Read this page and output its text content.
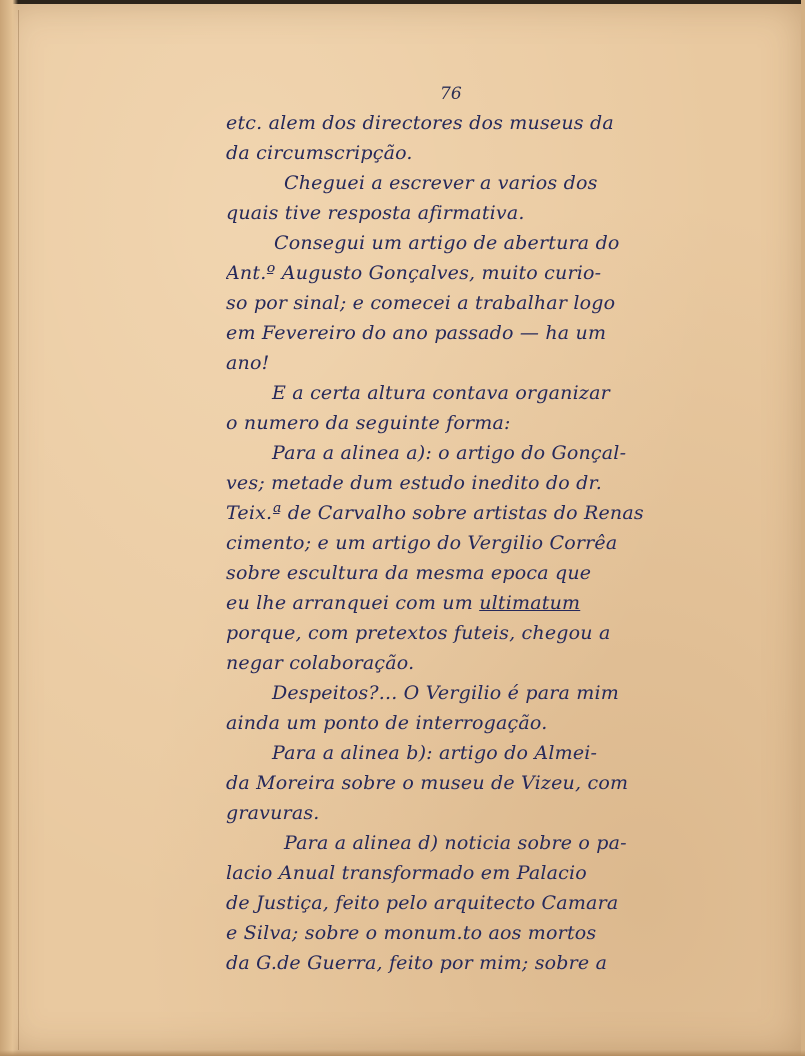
76
etc. alem dos directores dos museus da
da circumscripção.
Cheguei a escrever a varios dos
quais tive resposta afirmativa.
Consegui um artigo de abertura do
Ant.º Augusto Gonçalves, muito curio-
so por sinal; e comecei a trabalhar logo
em Fevereiro do ano passado — ha um
ano!
E a certa altura contava organizar
o numero da seguinte forma:
Para a alinea a): o artigo do Gonçal-
ves; metade dum estudo inedito do dr.
Teix.ª de Carvalho sobre artistas do Renas
cimento; e um artigo do Vergilio Corrêa
sobre escultura da mesma epoca que
eu lhe arranquei com um ultimatum
porque, com pretextos futeis, chegou a
negar colaboração.
Despeitos?... O Vergilio é para mim
ainda um ponto de interrogação.
Para a alinea b): artigo do Almei-
da Moreira sobre o museu de Vizeu, com
gravuras.
Para a alinea d) noticia sobre o pa-
lacio Anual transformado em Palacio
de Justiça, feito pelo arquitecto Camara
e Silva; sobre o monum.to aos mortos
da G.de Guerra, feito por mim; sobre a
